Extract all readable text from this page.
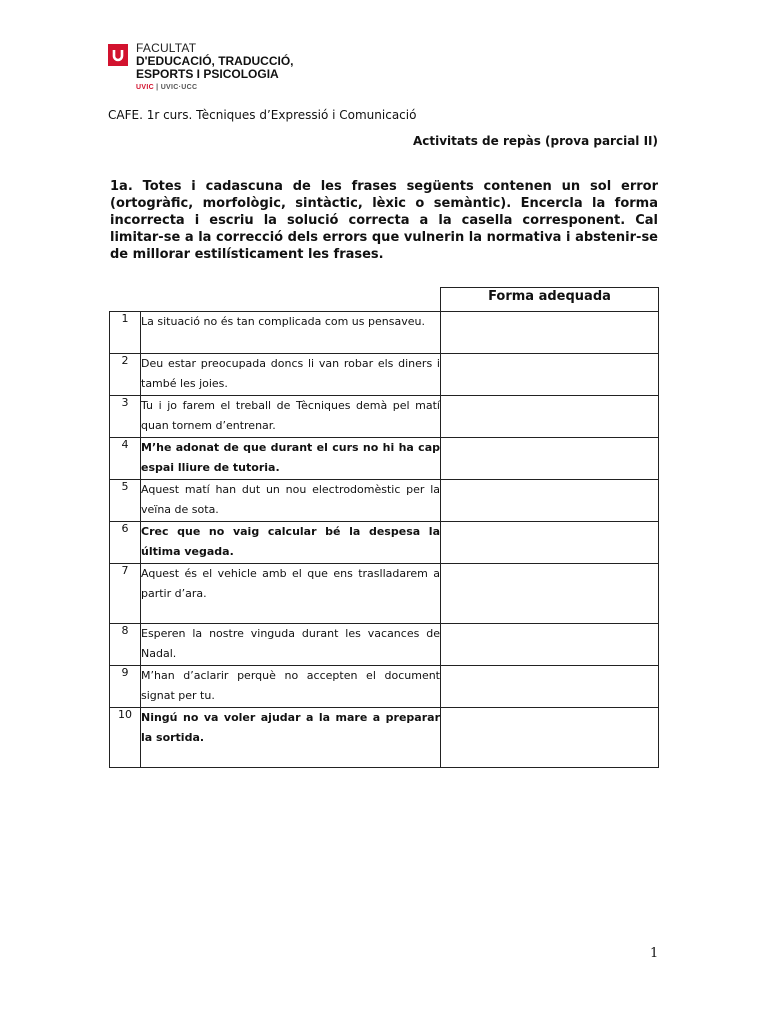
FACULTAT
D'EDUCACIÓ, TRADUCCIÓ,
ESPORTS I PSICOLOGIA
UVIC | UVIC·UCC
CAFE. 1r curs. Tècniques d’Expressió i Comunicació
Activitats de repàs (prova parcial II)
1a. Totes i cadascuna de les frases següents contenen un sol error (ortogràfic, morfològic, sintàctic, lèxic o semàntic). Encercla la forma incorrecta i escriu la solució correcta a la casella corresponent. Cal limitar-se a la correcció dels errors que vulnerin la normativa i abstenir-se de millorar estilísticament les frases.
		Forma adequada
1	La situació no és tan complicada com us pensaveu.	
2	Deu estar preocupada doncs li van robar els diners i també les joies.	
3	Tu i jo farem el treball de Tècniques demà pel matí quan tornem d’entrenar.	
4	M’he adonat de que durant el curs no hi ha cap espai lliure de tutoria.	
5	Aquest matí han dut un nou electrodomèstic per la veïna de sota.	
6	Crec que no vaig calcular bé la despesa la última vegada.	
7	Aquest és el vehicle amb el que ens traslladarem a partir d’ara.	
8	Esperen la nostre vinguda durant les vacances de Nadal.	
9	M’han d’aclarir perquè no accepten el document signat per tu.	
10	Ningú no va voler ajudar a la mare a preparar la sortida.	
1
